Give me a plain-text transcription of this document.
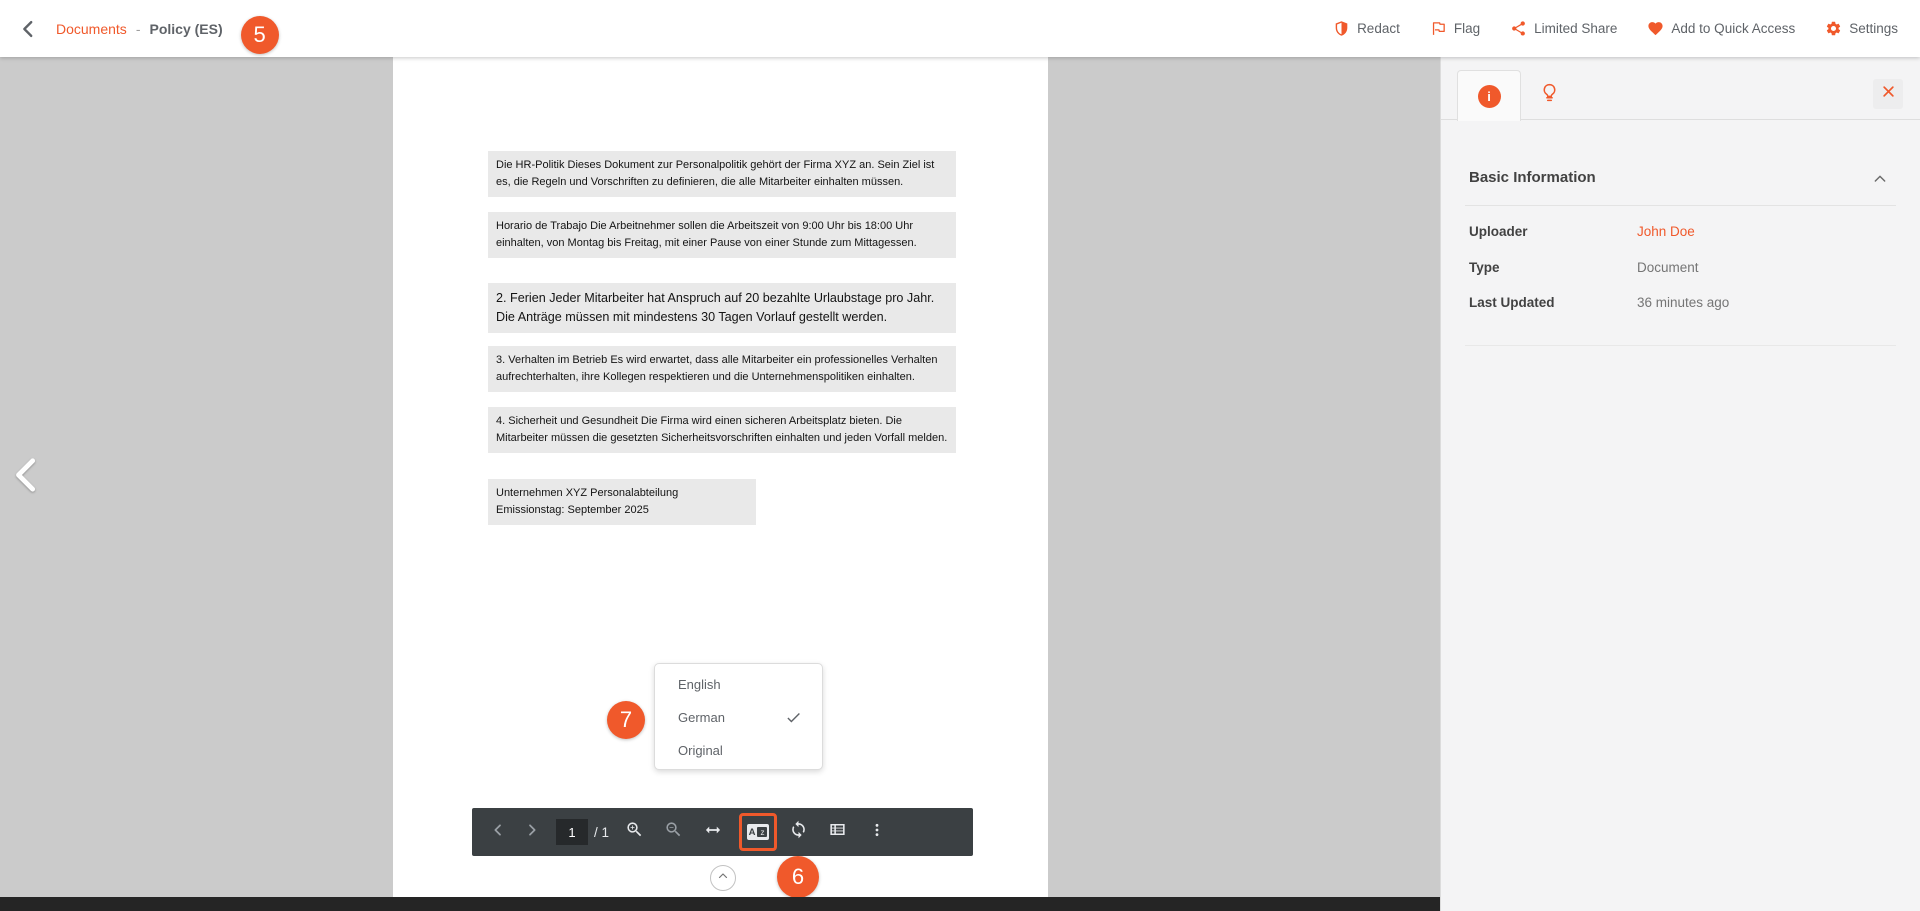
Documents - Policy (ES)	5	Redact	Flag	Limited Share	Add to Quick Access	Settings
Die HR-Politik Dieses Dokument zur Personalpolitik gehört der Firma XYZ an. Sein Ziel ist es, die Regeln und Vorschriften zu definieren, die alle Mitarbeiter einhalten müssen.
Horario de Trabajo Die Arbeitnehmer sollen die Arbeitszeit von 9:00 Uhr bis 18:00 Uhr einhalten, von Montag bis Freitag, mit einer Pause von einer Stunde zum Mittagessen.
2. Ferien Jeder Mitarbeiter hat Anspruch auf 20 bezahlte Urlaubstage pro Jahr. Die Anträge müssen mit mindestens 30 Tagen Vorlauf gestellt werden.
3. Verhalten im Betrieb Es wird erwartet, dass alle Mitarbeiter ein professionelles Verhalten aufrechterhalten, ihre Kollegen respektieren und die Unternehmenspolitiken einhalten.
4. Sicherheit und Gesundheit Die Firma wird einen sicheren Arbeitsplatz bieten. Die Mitarbeiter müssen die gesetzten Sicherheitsvorschriften einhalten und jeden Vorfall melden.
Unternehmen XYZ Personalabteilung Emissionstag: September 2025
English
German
Original
7
1	/ 1	A z
6
i
Basic Information
Uploader	John Doe
Type	Document
Last Updated	36 minutes ago
